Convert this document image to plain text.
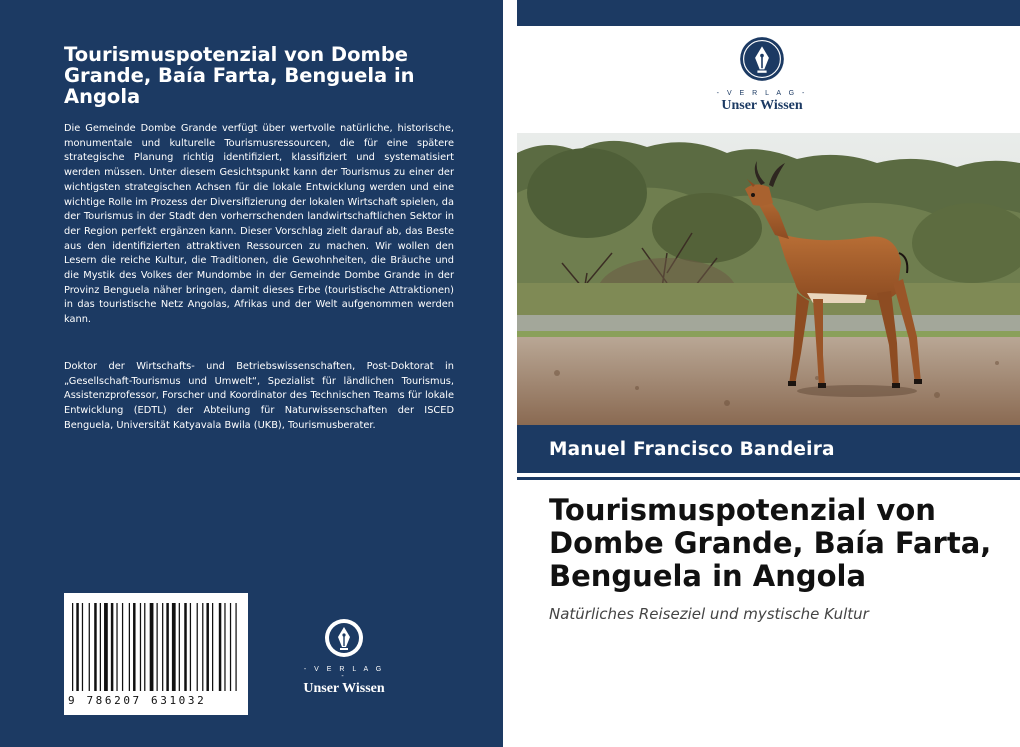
Tourismuspotenzial von Dombe Grande, Baía Farta, Benguela in Angola

Die Gemeinde Dombe Grande verfügt über wertvolle natürliche, historische, monumentale und kulturelle Tourismusressourcen, die für eine spätere strategische Planung richtig identifiziert, klassifiziert und systematisiert werden müssen. Unter diesem Gesichtspunkt kann der Tourismus zu einer der wichtigsten strategischen Achsen für die lokale Entwicklung werden und eine wichtige Rolle im Prozess der Diversifizierung der lokalen Wirtschaft spielen, da der Tourismus in der Stadt den vorherrschenden landwirtschaftlichen Sektor in der Region perfekt ergänzen kann. Dieser Vorschlag zielt darauf ab, das Beste aus den identifizierten attraktiven Ressourcen zu machen. Wir wollen den Lesern die reiche Kultur, die Traditionen, die Gewohnheiten, die Bräuche und die Mystik des Volkes der Mundombe in der Gemeinde Dombe Grande in der Provinz Benguela näher bringen, damit dieses Erbe (touristische Attraktionen) in das touristische Netz Angolas, Afrikas und der Welt aufgenommen werden kann.

Doktor der Wirtschafts- und Betriebswissenschaften, Post-Doktorat in „Gesellschaft-Tourismus und Umwelt“, Spezialist für ländlichen Tourismus, Assistenzprofessor, Forscher und Koordinator des Technischen Teams für lokale Entwicklung (EDTL) der Abteilung für Naturwissenschaften der ISCED Benguela, Universität Katyavala Bwila (UKB), Tourismusberater.

9 786207 631032
- V E R L A G -
Unser Wissen
- V E R L A G -
Unser Wissen
Manuel Francisco Bandeira
Tourismuspotenzial von Dombe Grande, Baía Farta, Benguela in Angola
Natürliches Reiseziel und mystische Kultur
